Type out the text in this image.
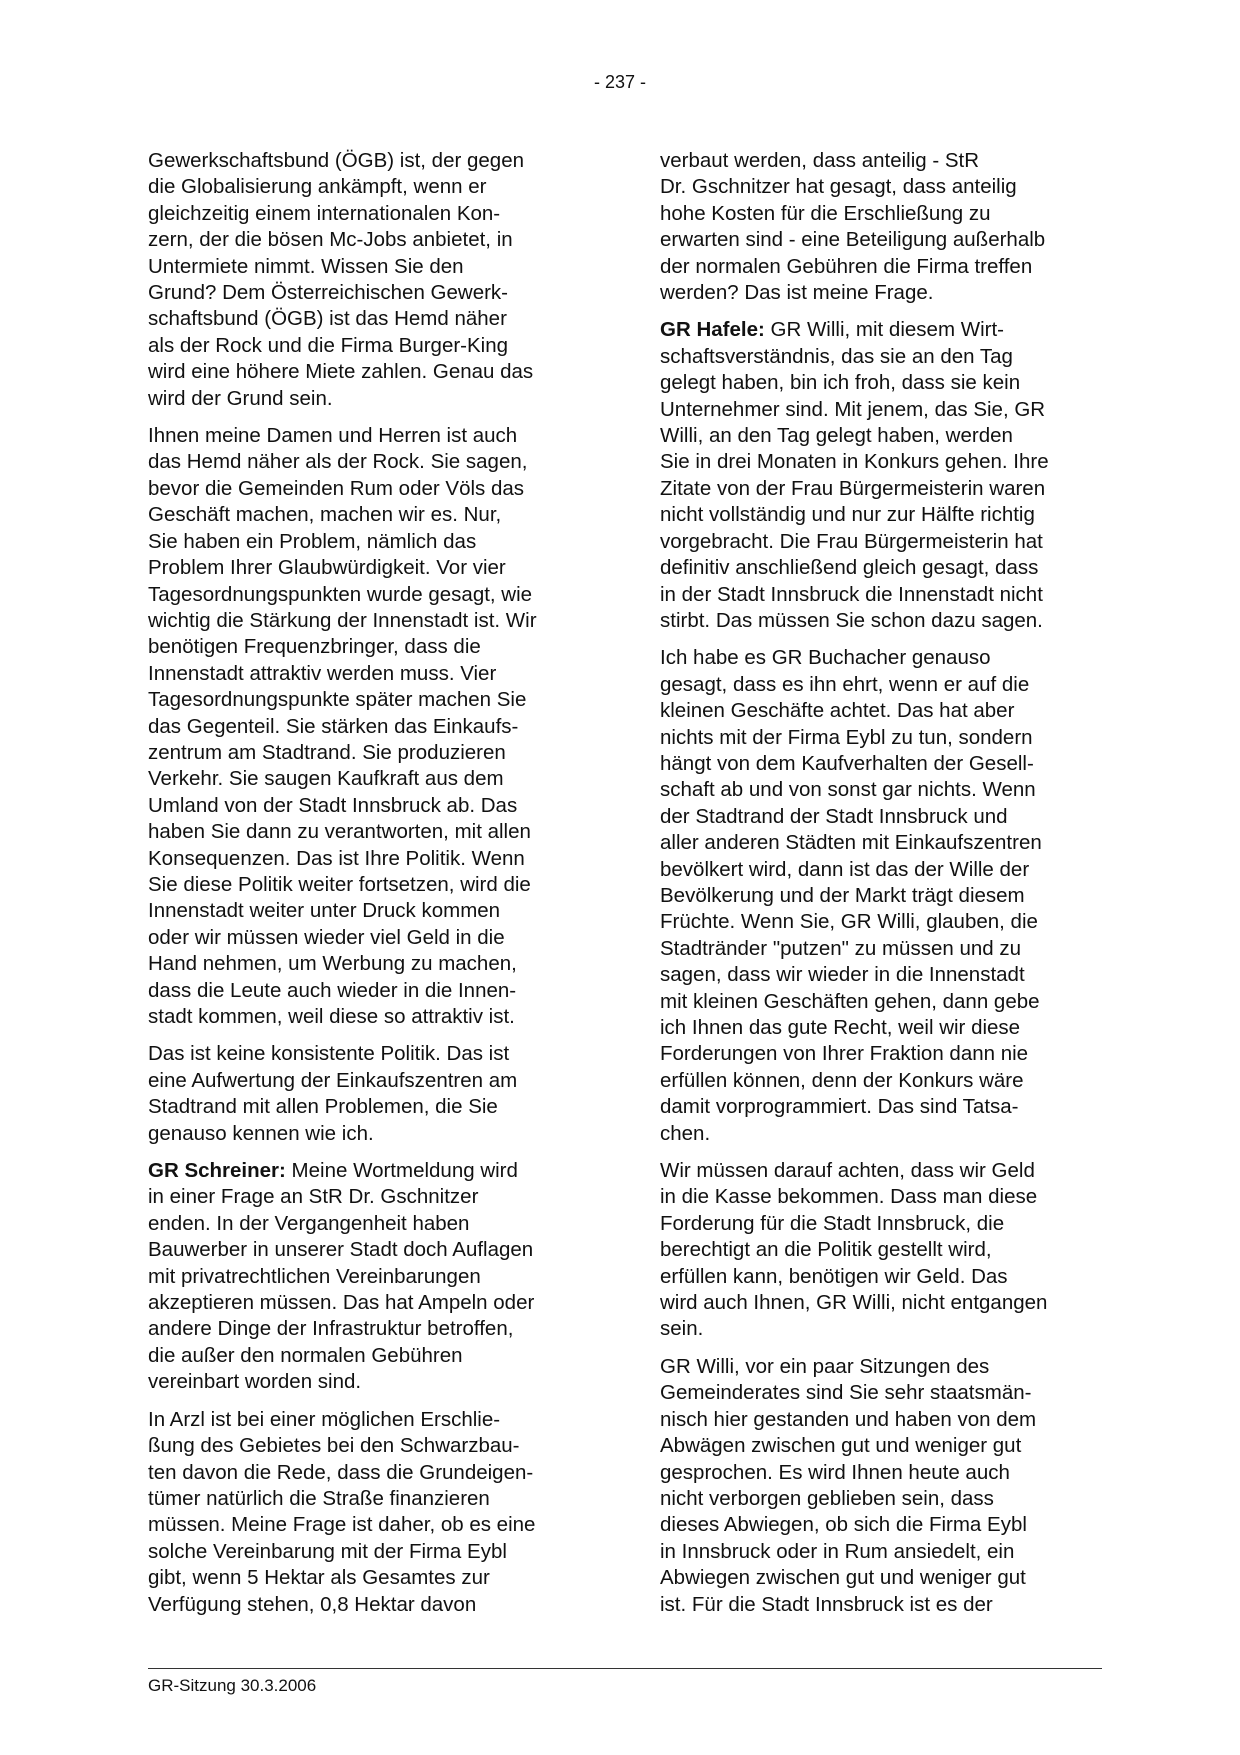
- 237 -

Gewerkschaftsbund (ÖGB) ist, der gegen
die Globalisierung ankämpft, wenn er
gleichzeitig einem internationalen Kon-
zern, der die bösen Mc-Jobs anbietet, in
Untermiete nimmt. Wissen Sie den
Grund? Dem Österreichischen Gewerk-
schaftsbund (ÖGB) ist das Hemd näher
als der Rock und die Firma Burger-King
wird eine höhere Miete zahlen. Genau das
wird der Grund sein.

Ihnen meine Damen und Herren ist auch
das Hemd näher als der Rock. Sie sagen,
bevor die Gemeinden Rum oder Völs das
Geschäft machen, machen wir es. Nur,
Sie haben ein Problem, nämlich das
Problem Ihrer Glaubwürdigkeit. Vor vier
Tagesordnungspunkten wurde gesagt, wie
wichtig die Stärkung der Innenstadt ist. Wir
benötigen Frequenzbringer, dass die
Innenstadt attraktiv werden muss. Vier
Tagesordnungspunkte später machen Sie
das Gegenteil. Sie stärken das Einkaufs-
zentrum am Stadtrand. Sie produzieren
Verkehr. Sie saugen Kaufkraft aus dem
Umland von der Stadt Innsbruck ab. Das
haben Sie dann zu verantworten, mit allen
Konsequenzen. Das ist Ihre Politik. Wenn
Sie diese Politik weiter fortsetzen, wird die
Innenstadt weiter unter Druck kommen
oder wir müssen wieder viel Geld in die
Hand nehmen, um Werbung zu machen,
dass die Leute auch wieder in die Innen-
stadt kommen, weil diese so attraktiv ist.

Das ist keine konsistente Politik. Das ist
eine Aufwertung der Einkaufszentren am
Stadtrand mit allen Problemen, die Sie
genauso kennen wie ich.

GR Schreiner: Meine Wortmeldung wird
in einer Frage an StR Dr. Gschnitzer
enden. In der Vergangenheit haben
Bauwerber in unserer Stadt doch Auflagen
mit privatrechtlichen Vereinbarungen
akzeptieren müssen. Das hat Ampeln oder
andere Dinge der Infrastruktur betroffen,
die außer den normalen Gebühren
vereinbart worden sind.

In Arzl ist bei einer möglichen Erschlie-
ßung des Gebietes bei den Schwarzbau-
ten davon die Rede, dass die Grundeigen-
tümer natürlich die Straße finanzieren
müssen. Meine Frage ist daher, ob es eine
solche Vereinbarung mit der Firma Eybl
gibt, wenn 5 Hektar als Gesamtes zur
Verfügung stehen, 0,8 Hektar davon

verbaut werden, dass anteilig - StR
Dr. Gschnitzer hat gesagt, dass anteilig
hohe Kosten für die Erschließung zu
erwarten sind - eine Beteiligung außerhalb
der normalen Gebühren die Firma treffen
werden? Das ist meine Frage.

GR Hafele: GR Willi, mit diesem Wirt-
schaftsverständnis, das sie an den Tag
gelegt haben, bin ich froh, dass sie kein
Unternehmer sind. Mit jenem, das Sie, GR
Willi, an den Tag gelegt haben, werden
Sie in drei Monaten in Konkurs gehen. Ihre
Zitate von der Frau Bürgermeisterin waren
nicht vollständig und nur zur Hälfte richtig
vorgebracht. Die Frau Bürgermeisterin hat
definitiv anschließend gleich gesagt, dass
in der Stadt Innsbruck die Innenstadt nicht
stirbt. Das müssen Sie schon dazu sagen.

Ich habe es GR Buchacher genauso
gesagt, dass es ihn ehrt, wenn er auf die
kleinen Geschäfte achtet. Das hat aber
nichts mit der Firma Eybl zu tun, sondern
hängt von dem Kaufverhalten der Gesell-
schaft ab und von sonst gar nichts. Wenn
der Stadtrand der Stadt Innsbruck und
aller anderen Städten mit Einkaufszentren
bevölkert wird, dann ist das der Wille der
Bevölkerung und der Markt trägt diesem
Früchte. Wenn Sie, GR Willi, glauben, die
Stadtränder "putzen" zu müssen und zu
sagen, dass wir wieder in die Innenstadt
mit kleinen Geschäften gehen, dann gebe
ich Ihnen das gute Recht, weil wir diese
Forderungen von Ihrer Fraktion dann nie
erfüllen können, denn der Konkurs wäre
damit vorprogrammiert. Das sind Tatsa-
chen.

Wir müssen darauf achten, dass wir Geld
in die Kasse bekommen. Dass man diese
Forderung für die Stadt Innsbruck, die
berechtigt an die Politik gestellt wird,
erfüllen kann, benötigen wir Geld. Das
wird auch Ihnen, GR Willi, nicht entgangen
sein.

GR Willi, vor ein paar Sitzungen des
Gemeinderates sind Sie sehr staatsmän-
nisch hier gestanden und haben von dem
Abwägen zwischen gut und weniger gut
gesprochen. Es wird Ihnen heute auch
nicht verborgen geblieben sein, dass
dieses Abwiegen, ob sich die Firma Eybl
in Innsbruck oder in Rum ansiedelt, ein
Abwiegen zwischen gut und weniger gut
ist. Für die Stadt Innsbruck ist es der

GR-Sitzung 30.3.2006
